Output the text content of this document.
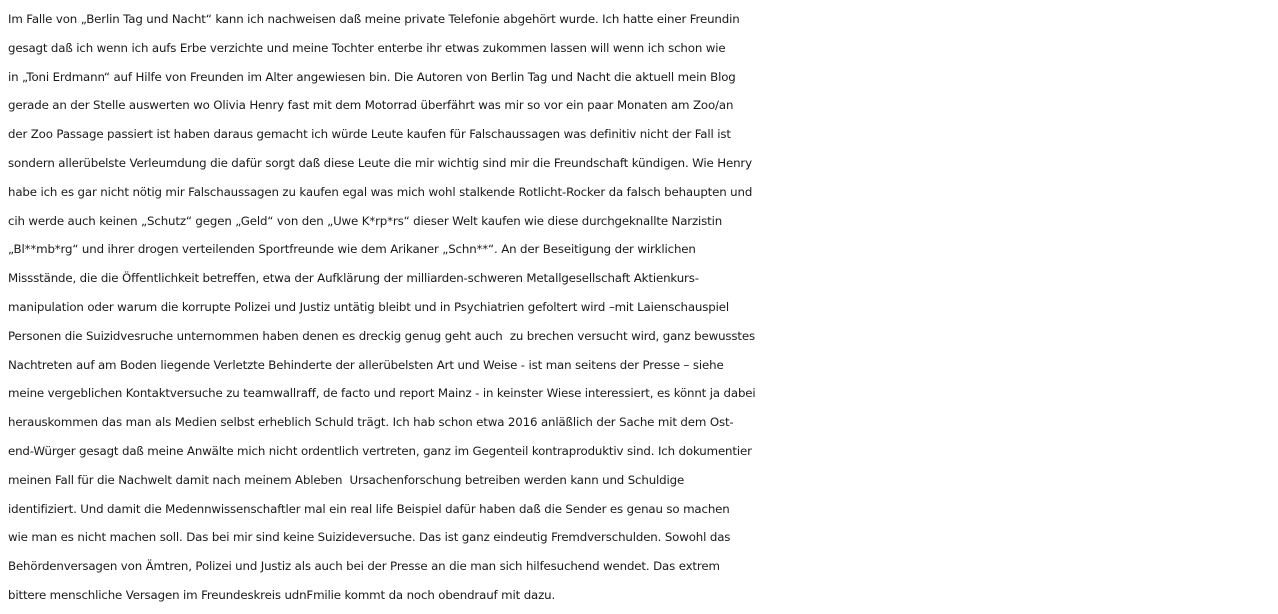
Im Falle von „Berlin Tag und Nacht“ kann ich nachweisen daß meine private Telefonie abgehört wurde. Ich hatte einer Freundin
gesagt daß ich wenn ich aufs Erbe verzichte und meine Tochter enterbe ihr etwas zukommen lassen will wenn ich schon wie
in „Toni Erdmann“ auf Hilfe von Freunden im Alter angewiesen bin. Die Autoren von Berlin Tag und Nacht die aktuell mein Blog
gerade an der Stelle auswerten wo Olivia Henry fast mit dem Motorrad überfährt was mir so vor ein paar Monaten am Zoo/an
der Zoo Passage passiert ist haben daraus gemacht ich würde Leute kaufen für Falschaussagen was definitiv nicht der Fall ist
sondern allerübelste Verleumdung die dafür sorgt daß diese Leute die mir wichtig sind mir die Freundschaft kündigen. Wie Henry
habe ich es gar nicht nötig mir Falschaussagen zu kaufen egal was mich wohl stalkende Rotlicht-Rocker da falsch behaupten und
cih werde auch keinen „Schutz“ gegen „Geld“ von den „Uwe K*rp*rs“ dieser Welt kaufen wie diese durchgeknallte Narzistin
„Bl**mb*rg“ und ihrer drogen verteilenden Sportfreunde wie dem Arikaner „Schn**“. An der Beseitigung der wirklichen
Missstände, die die Öffentlichkeit betreffen, etwa der Aufklärung der milliarden-schweren Metallgesellschaft Aktienkurs-
manipulation oder warum die korrupte Polizei und Justiz untätig bleibt und in Psychiatrien gefoltert wird –mit Laienschauspiel
Personen die Suizidvesruche unternommen haben denen es dreckig genug geht auch  zu brechen versucht wird, ganz bewusstes
Nachtreten auf am Boden liegende Verletzte Behinderte der allerübelsten Art und Weise - ist man seitens der Presse – siehe
meine vergeblichen Kontaktversuche zu teamwallraff, de facto und report Mainz - in keinster Wiese interessiert, es könnt ja dabei
herauskommen das man als Medien selbst erheblich Schuld trägt. Ich hab schon etwa 2016 anläßlich der Sache mit dem Ost-
end-Würger gesagt daß meine Anwälte mich nicht ordentlich vertreten, ganz im Gegenteil kontraproduktiv sind. Ich dokumentier
meinen Fall für die Nachwelt damit nach meinem Ableben  Ursachenforschung betreiben werden kann und Schuldige
identifiziert. Und damit die Medennwissenschaftler mal ein real life Beispiel dafür haben daß die Sender es genau so machen
wie man es nicht machen soll. Das bei mir sind keine Suizideversuche. Das ist ganz eindeutig Fremdverschulden. Sowohl das
Behördenversagen von Ämtren, Polizei und Justiz als auch bei der Presse an die man sich hilfesuchend wendet. Das extrem
bittere menschliche Versagen im Freundeskreis udnFmilie kommt da noch obendrauf mit dazu.
